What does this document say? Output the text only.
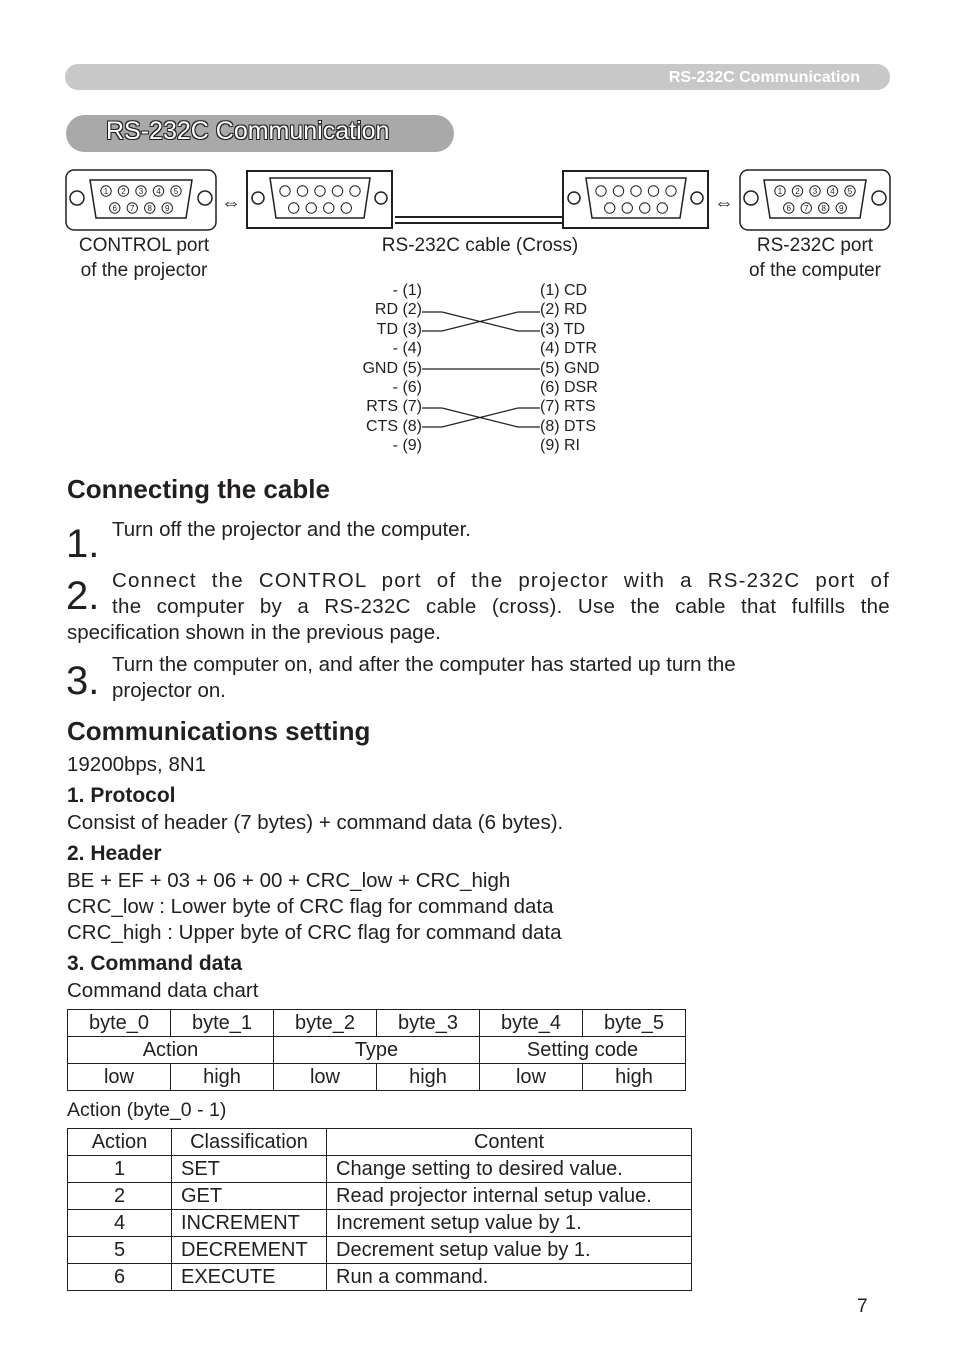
RS-232C Communication
RS-232C Communication
⇔	⇔
1 2 3 4 5
6 7 8 9
1 2 3 4 5
6 7 8 9
CONTROL port
of the projector
RS-232C cable (Cross)	RS-232C port
of the computer
- (1)
RD (2)
TD (3)
- (4)
GND (5)
- (6)
RTS (7)
CTS (8)
- (9)
(1) CD
(2) RD
(3) TD
(4) DTR
(5) GND
(6) DSR
(7) RTS
(8) DTS
(9) RI
Connecting the cable
1. Turn off the projector and the computer.
2. Connect the CONTROL port of the projector with a RS-232C port of
the computer by a RS-232C cable (cross). Use the cable that fulfills the
specification shown in the previous page.
3. Turn the computer on, and after the computer has started up turn the
projector on.
Communications setting
19200bps, 8N1
1. Protocol
Consist of header (7 bytes) + command data (6 bytes).
2. Header
BE + EF + 03 + 06 + 00 + CRC_low + CRC_high
CRC_low : Lower byte of CRC flag for command data
CRC_high : Upper byte of CRC flag for command data
3. Command data
Command data chart
byte_0	byte_1	byte_2	byte_3	byte_4	byte_5
Action		Type		Setting code	
low	high	low	high	low	high
Action (byte_0 - 1)
Action	Classification	Content
1	SET	Change setting to desired value.
2	GET	Read projector internal setup value.
4	INCREMENT	Increment setup value by 1.
5	DECREMENT	Decrement setup value by 1.
6	EXECUTE	Run a command.
7
